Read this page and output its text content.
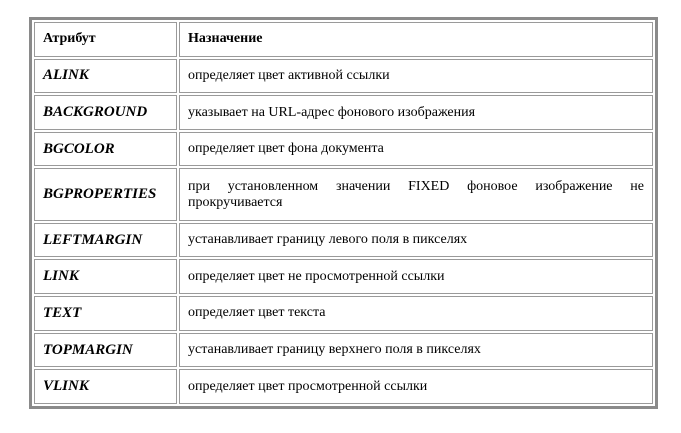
Атрибут	Назначение
ALINK	определяет цвет активной ссылки
BACKGROUND	указывает на URL-адрес фонового изображения
BGCOLOR	определяет цвет фона документа
BGPROPERTIES	при установленном значении FIXED фоновое изображение не прокручивается
LEFTMARGIN	устанавливает границу левого поля в пикселях
LINK	определяет цвет не просмотренной ссылки
TEXT	определяет цвет текста
TOPMARGIN	устанавливает границу верхнего поля в пикселях
VLINK	определяет цвет просмотренной ссылки
